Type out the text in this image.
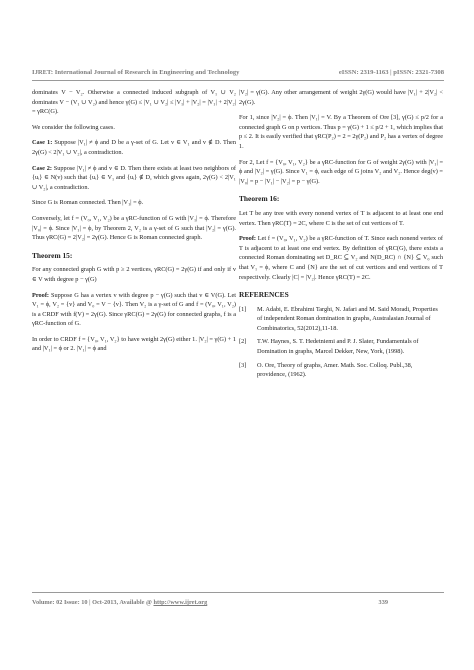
IJRET: International Journal of Research in Engineering and Technology	eISSN: 2319-1163 | pISSN: 2321-7308

dominates V − V₂. Otherwise a connected induced subgraph of V₁ ∪ V₂ dominates V − (V₁ ∪ V₂) and hence γ(G) ≤ |V₁ ∪ V₂| ≤ |V₁| + |V₂| = |V₁| + 2|V₂| = γRC(G).

We consider the following cases.

Case 1: Suppose |V₁| ≠ ϕ and D be a γ-set of G. Let v ∈ V₁ and v ∉ D. Then 2γ(G) < 2|V₁ ∪ V₂|, a contradiction.

Case 2: Suppose |V₁| ≠ ϕ and v ∈ D. Then there exists at least two neighbors of {uᵢ} ∈ N(v) such that {uᵢ} ∈ V₁ and {uᵢ} ∉ D, which gives again, 2γ(G) < 2|V₁ ∪ V₂|, a contradiction.

Since G is Roman connected. Then |V₁| = ϕ.

Conversely, let f = (V₀, V₁, V₂) be a γRC-function of G with |V₁| = ϕ. Therefore |V₀| = ϕ. Since |V₁| = ϕ, by Theorem 2, V₂ is a γ-set of G such that |V₂| = γ(G). Thus γRC(G) = 2|V₂| = 2γ(G). Hence G is Roman connected graph.

Theorem 15:

For any connected graph G with p ≥ 2 vertices, γRC(G) = 2γ(G) if and only if v ∈ V with degree p − γ(G)

Proof: Suppose G has a vertex v with degree p − γ(G) such that v ∈ V(G). Let V₁ = ϕ, V₂ = {v} and V₀ = V − {v}. Then V₂ is a γ-set of G and f = (V₀, V₁, V₂) is a CRDF with f(V) = 2γ(G). Since γRC(G) = 2γ(G) for connected graphs, f is a γRC-function of G.

In order to CRDF f = {V₀, V₁, V₂} to have weight 2γ(G) either 1. |V₂| = γ(G) + 1 and |V₁| = ϕ or 2. |V₁| = ϕ and

|V₂| = γ(G). Any other arrangement of weight 2γ(G) would have |V₁| + 2|V₂| < 2γ(G).

For 1, since |V₂| = ϕ. Then |V₁| = V. By a Theorem of Ore [3], γ(G) ≤ p/2 for a connected graph G on p vertices. Thus p = γ(G) + 1 ≤ p/2 + 1, which implies that p ≤ 2. It is easily verified that γRC(P₂) = 2 = 2γ(P₂) and P₂ has a vertex of degree 1.

For 2, Let f = {V₀, V₁, V₂} be a γRC-function for G of weight 2γ(G) with |V₁| = ϕ and |V₂| = γ(G). Since V₁ = ϕ, each edge of G joins V₂ and V₂. Hence deg(v) = |V₀| = p − |V₁| − |V₂| = p − γ(G).

Theorem 16:

Let T be any tree with every nonend vertex of T is adjacent to at least one end vertex. Then γRC(T) = 2C, where C is the set of cut vertices of T.

Proof: Let f = (V₀, V₁, V₂) be a γRC-function of T. Since each nonend vertex of T is adjacent to at least one end vertex. By definition of γRC(G), there exists a connected Roman dominating set D_RC ⊆ V₂ and N(D_RC) ∩ {N} ⊆ V₀ such that V₁ = ϕ, where C and {N} are the set of cut vertices and end vertices of T respectively. Clearly |C| = |V₂|. Hence γRC(T) = 2C.

REFERENCES
[1]	M. Adabi, E. Ebrahimi Targhi, N. Jafari and M. Said Moradi, Properties of independent Roman domination in graphs, Australasian Journal of Combinatorics, 52(2012),11-18.
[2]	T.W. Haynes, S. T. Hedetniemi and P. J. Slater, Fundamentals of Domination in graphs, Marcel Dekker, New, York, (1998).
[3]	O. Ore, Theory of graphs, Amer. Math. Soc. Colloq. Publ.,38, providence, (1962).
Volume: 02 Issue: 10 | Oct-2013, Available @ http://www.ijret.org	339
